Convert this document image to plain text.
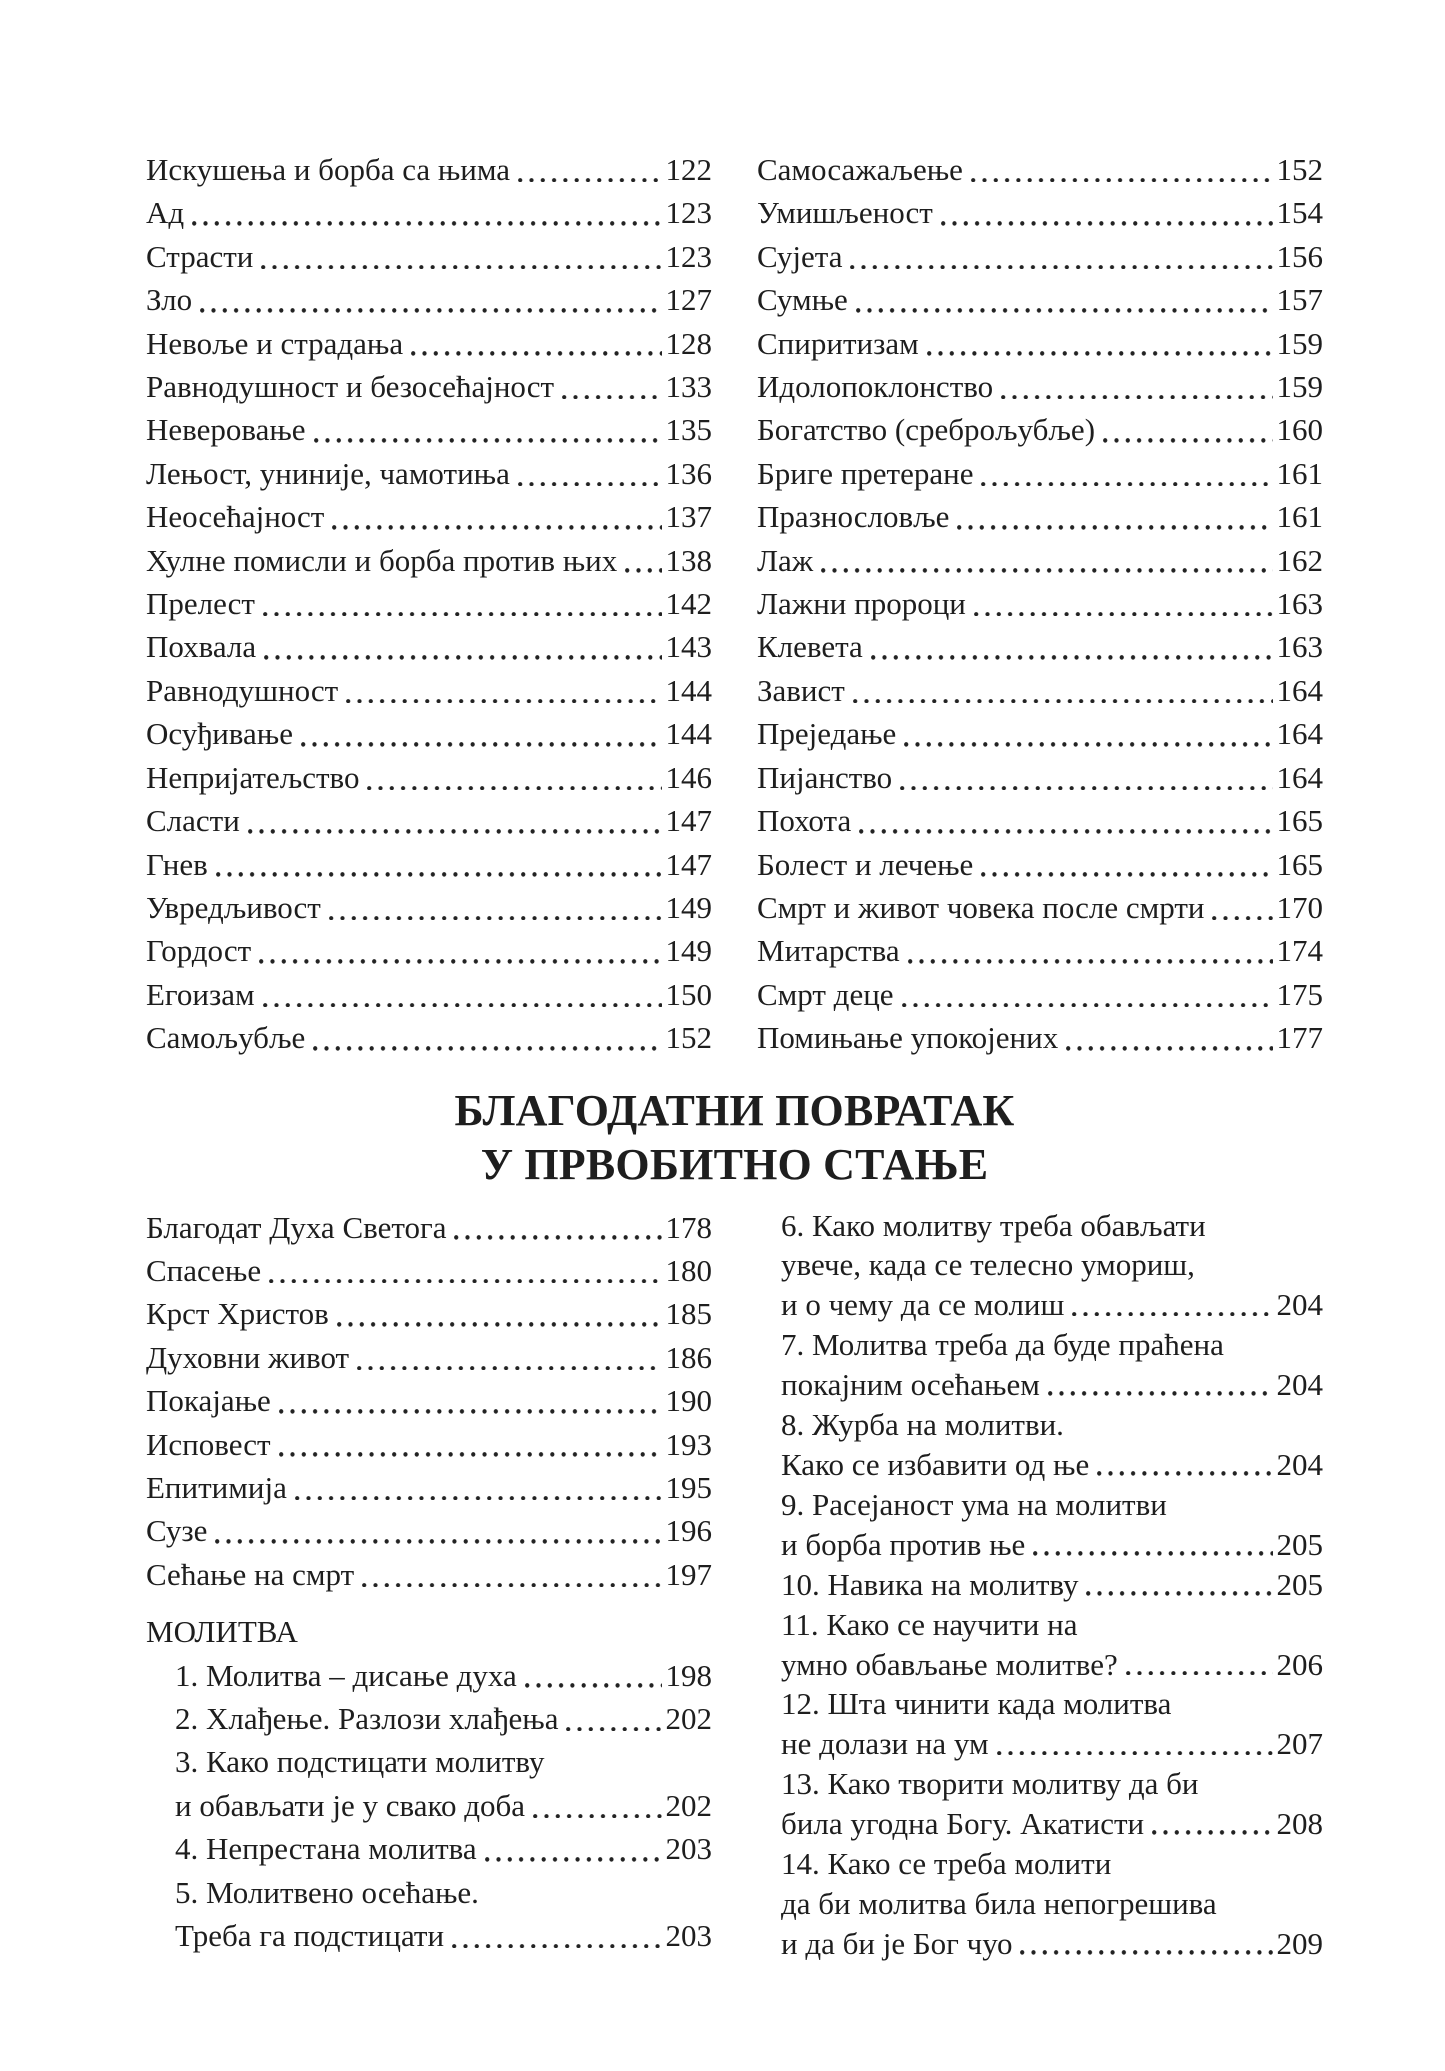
Искушења и борба са њима	122
Ад	123
Страсти	123
Зло	127
Невоље и страдања	128
Равнодушност и безосећајност	133
Неверовање	135
Лењост, униније, чамотиња	136
Неосећајност	137
Хулне помисли и борба против њих 138
Прелест	142
Похвала	143
Равнодушност	144
Осуђивање	144
Непријатељство	146
Сласти	147
Гнев	147
Увредљивост	149
Гордост	149
Егоизам	150
Самољубље	152
Самосажаљење	152
Умишљеност	154
Сујета	156
Сумње	157
Спиритизам	159
Идолопоклонство	159
Богатство (среброљубље)	160
Бриге претеране	161
Празнословље	161
Лаж	162
Лажни пророци	163
Клевета	163
Завист	164
Преједање	164
Пијанство	164
Похота	165
Болест и лечење	165
Смрт и живот човека после смрти 170
Митарства	174
Смрт деце	175
Помињање упокојених	177
БЛАГОДАТНИ ПОВРАТАК
У ПРВОБИТНО СТАЊЕ
Благодат Духа Светога	178
Спасење	180
Крст Христов	185
Духовни живот	186
Покајање	190
Исповест	193
Епитимија	195
Сузе	196
Сећање на смрт	197
МОЛИТВА
1. Молитва – дисање духа	198
2. Хлађење. Разлози хлађења	202
3. Како подстицати молитву
и обављати је у свако доба	202
4. Непрестана молитва	203
5. Молитвено осећање.
Треба га подстицати	203
6. Како молитву треба обављати
увече, када се телесно умориш,
и о чему да се молиш	204
7. Молитва треба да буде праћена
покајним осећањем	204
8. Журба на молитви.
Како се избавити од ње	204
9. Расејаност ума на молитви
и борба против ње	205
10. Навика на молитву	205
11. Како се научити на
умно обављање молитве?	206
12. Шта чинити када молитва
не долази на ум	207
13. Како творити молитву да би
била угодна Богу. Акатисти	208
14. Како се треба молити
да би молитва била непогрешива
и да би је Бог чуо	209
